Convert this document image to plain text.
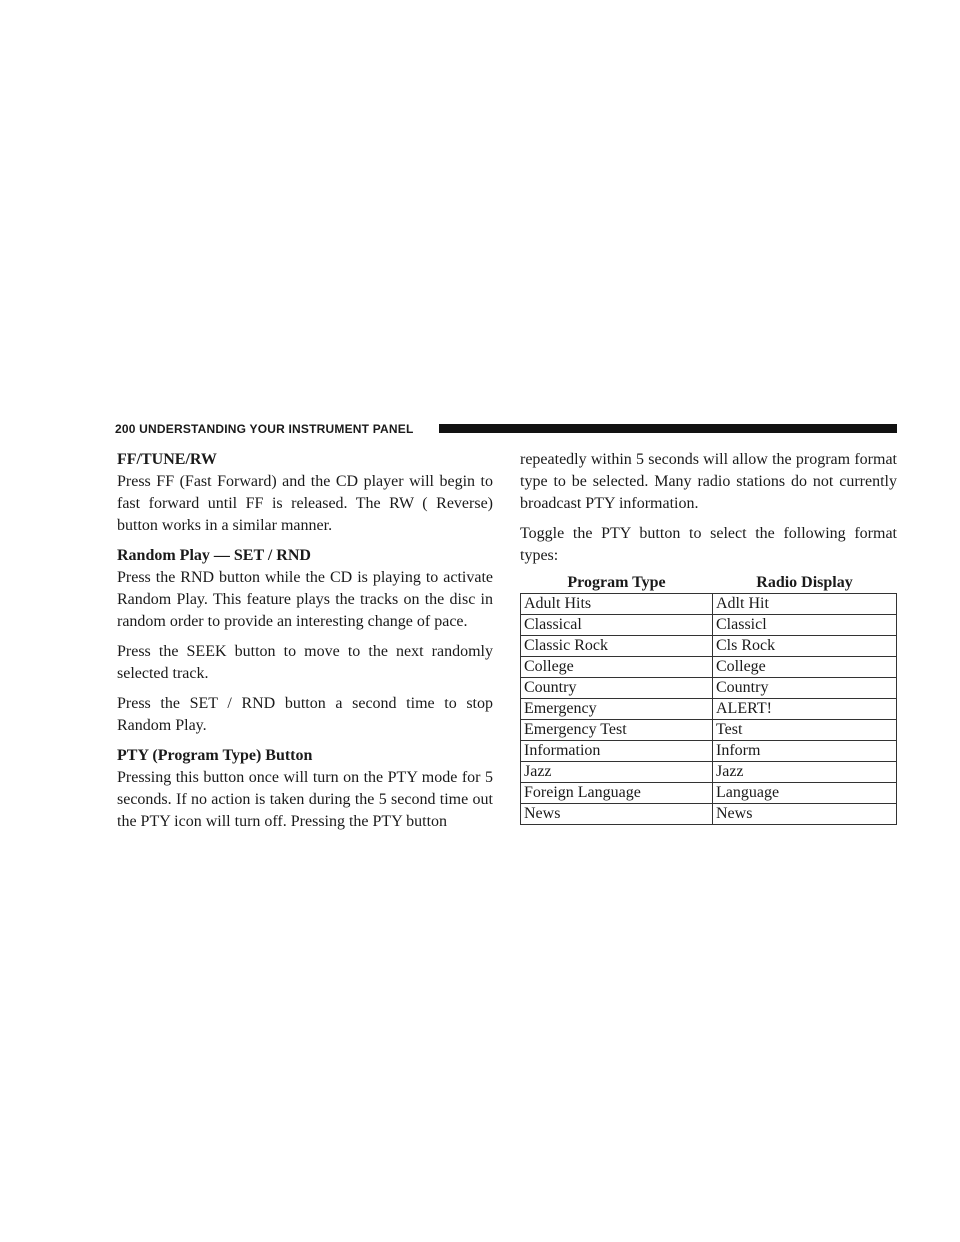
200 UNDERSTANDING YOUR INSTRUMENT PANEL
FF/TUNE/RW

Press FF (Fast Forward) and the CD player will begin to fast forward until FF is released. The RW ( Reverse) button works in a similar manner.

Random Play — SET / RND

Press the RND button while the CD is playing to activate Random Play. This feature plays the tracks on the disc in random order to provide an interesting change of pace.

Press the SEEK button to move to the next randomly selected track.

Press the SET / RND button a second time to stop Random Play.

PTY (Program Type) Button

Pressing this button once will turn on the PTY mode for 5 seconds. If no action is taken during the 5 second time out the PTY icon will turn off. Pressing the PTY button

repeatedly within 5 seconds will allow the program format type to be selected. Many radio stations do not currently broadcast PTY information.

Toggle the PTY button to select the following format types:

Program Type	Radio Display
Adult Hits	Adlt Hit
Classical	Classicl
Classic Rock	Cls Rock
College	College
Country	Country
Emergency	ALERT!
Emergency Test	Test
Information	Inform
Jazz	Jazz
Foreign Language	Language
News	News
